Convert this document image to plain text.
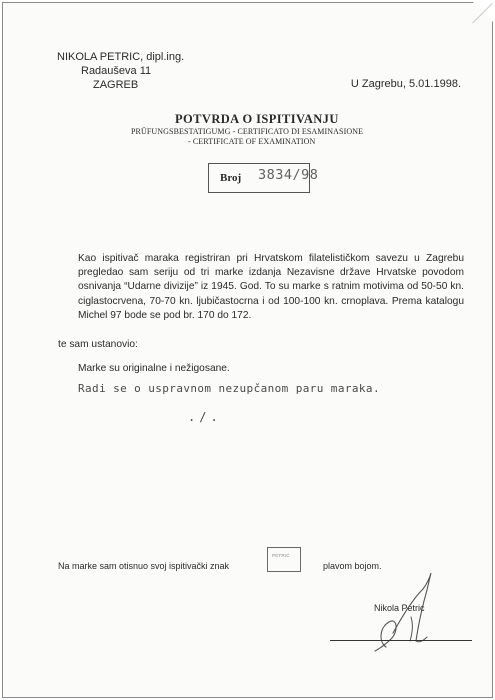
NIKOLA PETRIC, dipl.ing.
Radauševa 11
ZAGREB	U Zagrebu, 5.01.1998.
POTVRDA O ISPITIVANJU
PRÜFUNGSBESTATIGUMG - CERTIFICATO DI ESAMINASIONE
- CERTIFICATE OF EXAMINATION
Broj 3834/98
Kao ispitivač maraka registriran pri Hrvatskom filatelističkom savezu u Zagrebu pregledao sam seriju od tri marke izdanja Nezavisne države Hrvatske povodom osnivanja “Udarne divizije” iz 1945. God. To su marke s ratnim motivima od 50-50 kn. ciglastocrvena, 70-70 kn. ljubičastocrna i od 100-100 kn. crnoplava. Prema katalogu Michel 97 bode se pod br. 170 do 172.
te sam ustanovio:
Marke su originalne i nežigosane.
Radi se o uspravnom nezupčanom paru maraka.
./.
Na marke sam otisnuo svoj ispitivački znak
PETRIĆ
plavom bojom.
Nikola Petric
